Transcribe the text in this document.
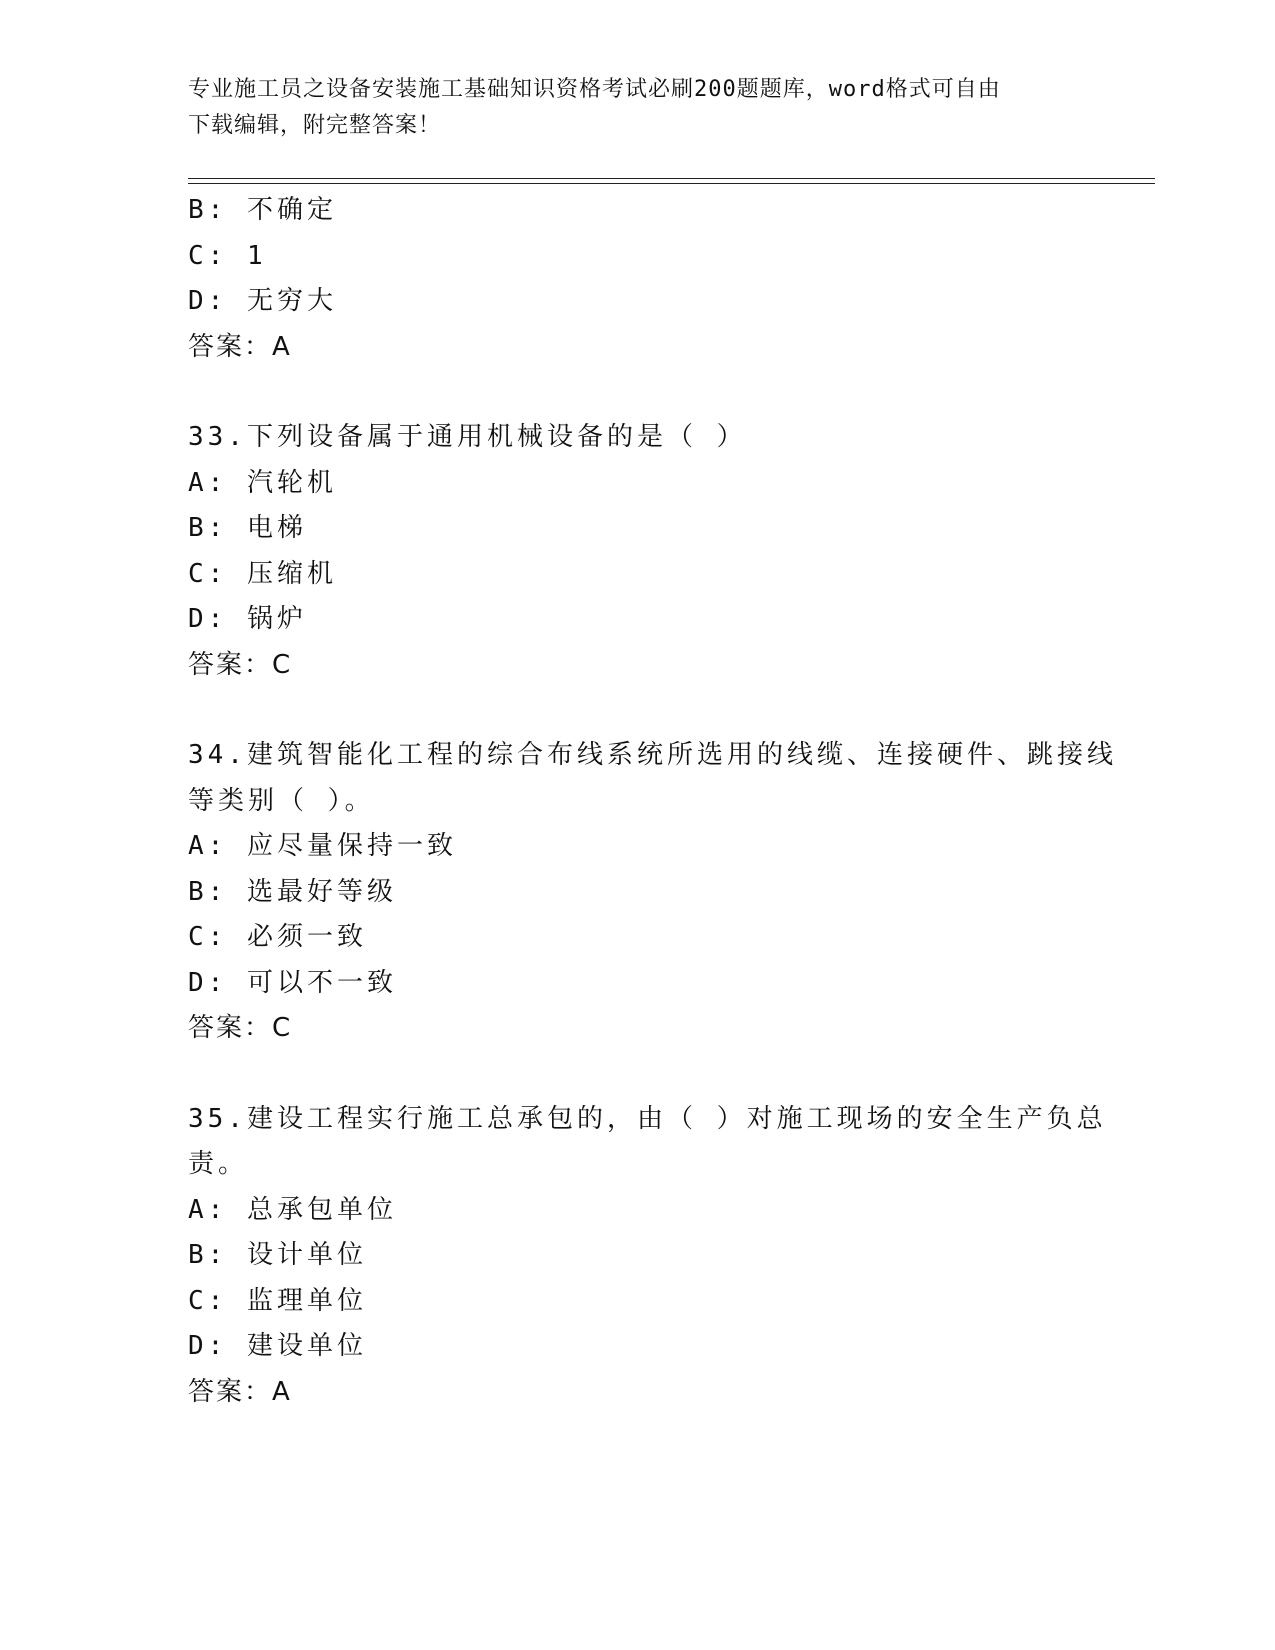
专业施工员之设备安装施工基础知识资格考试必刷200题题库，word格式可自由
下载编辑，附完整答案！
B: 不确定
C: 1
D: 无穷大
答案：A
33.下列设备属于通用机械设备的是（ ）
A: 汽轮机
B: 电梯
C: 压缩机
D: 锅炉
答案：C
34.建筑智能化工程的综合布线系统所选用的线缆、连接硬件、跳接线
等类别（ ）。
A: 应尽量保持一致
B: 选最好等级
C: 必须一致
D: 可以不一致
答案：C
35.建设工程实行施工总承包的，由（ ）对施工现场的安全生产负总
责。
A: 总承包单位
B: 设计单位
C: 监理单位
D: 建设单位
答案：A
